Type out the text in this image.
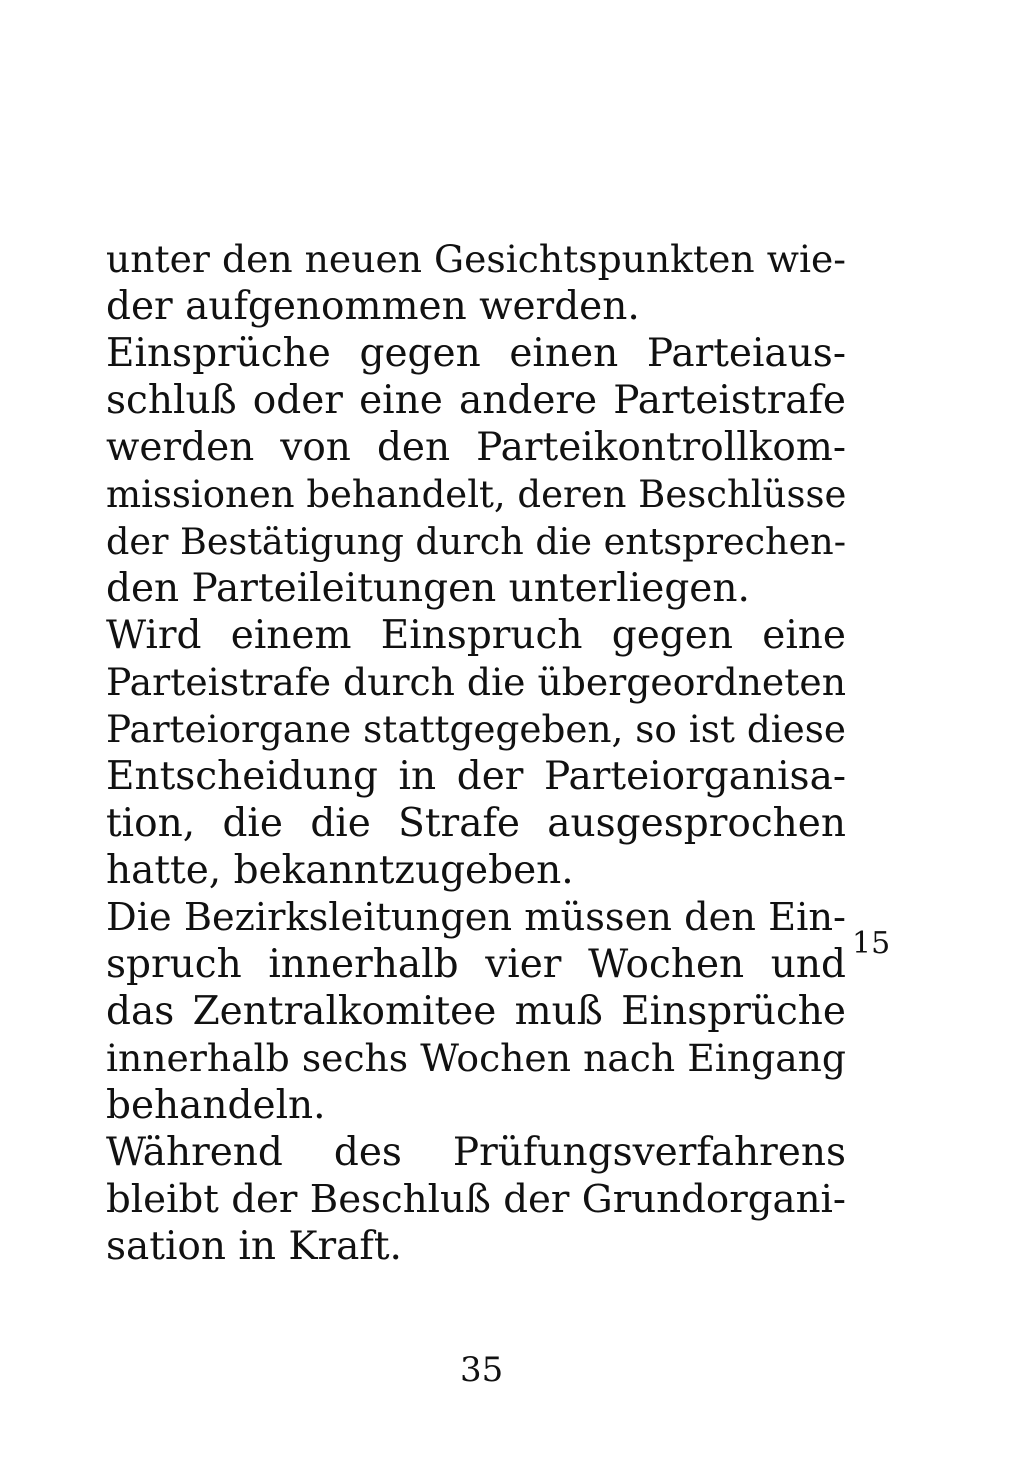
unter den neuen Gesichtspunkten wie-
der aufgenommen werden.
Einsprüche gegen einen Parteiaus-
schluß oder eine andere Parteistrafe
werden von den Parteikontrollkom-
missionen behandelt, deren Beschlüsse
der Bestätigung durch die entsprechen-
den Parteileitungen unterliegen.
Wird einem Einspruch gegen eine
Parteistrafe durch die übergeordneten
Parteiorgane stattgegeben, so ist diese
Entscheidung in der Parteiorganisa-
tion, die die Strafe ausgesprochen
hatte, bekanntzugeben.
Die Bezirksleitungen müssen den Ein-
spruch innerhalb vier Wochen und
das Zentralkomitee muß Einsprüche
innerhalb sechs Wochen nach Eingang
behandeln.
Während des Prüfungsverfahrens
bleibt der Beschluß der Grundorgani-
sation in Kraft.
15
35
